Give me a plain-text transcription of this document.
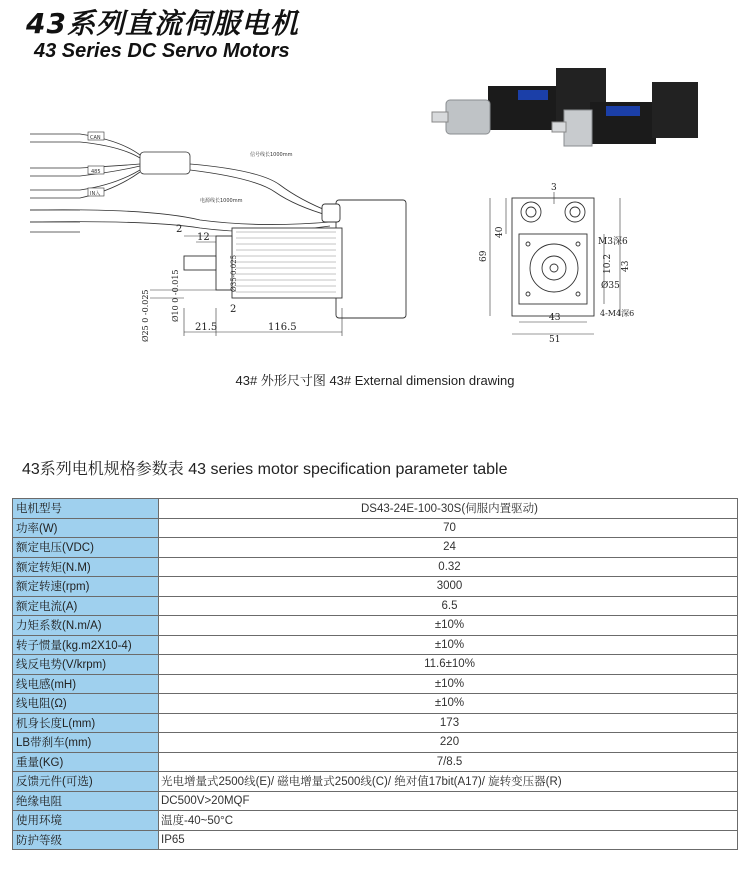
43系列直流伺服电机
43 Series DC Servo Motors
CAN
485
IN入
信号线长1000mm
电源线长1000mm
2
12
21.5	116.5
2
Ø35-0.025
Ø25 0 -0.025	Ø10 0 -0.015
3
40
69
M3深6
10.2 43
Ø35
43	4-M4深6
51
43# 外形尺寸图 43# External dimension drawing
43系列电机规格参数表 43 series motor specification parameter table
电机型号	DS43-24E-100-30S(伺服内置驱动)
功率(W)	70
额定电压(VDC)	24
额定转矩(N.M)	0.32
额定转速(rpm)	3000
额定电流(A)	6.5
力矩系数(N.m/A)	±10%
转子惯量(kg.m2X10-4)	±10%
线反电势(V/krpm)	11.6±10%
线电感(mH)	±10%
线电阻(Ω)	±10%
机身长度L(mm)	173
LB带刹车(mm)	220
重量(KG)	7/8.5
反馈元件(可选)	光电增量式2500线(E)/ 磁电增量式2500线(C)/ 绝对值17bit(A17)/ 旋转变压器(R)
绝缘电阻	DC500V>20MQF
使用环境	温度-40~50°C
防护等级	IP65
